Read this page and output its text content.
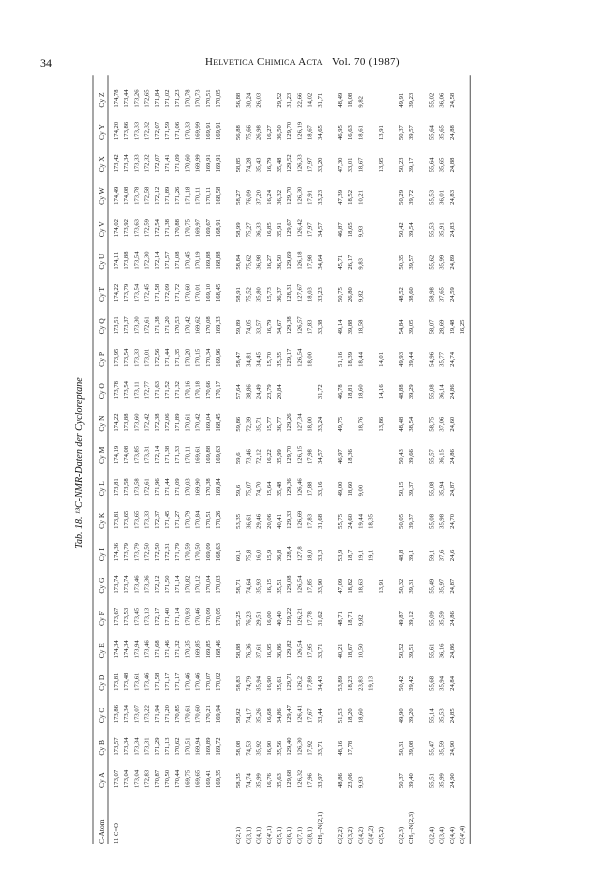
34	Helvetica Chimica Acta Vol. 70 (1987)
Tab. 18. ¹³C-NMR-Daten der Cycloreptane
C-Atom
Cy A
Cy B
Cy C
Cy D
Cy E
Cy F
Cy G
Cy I
Cy K
Cy L
Cy M
Cy N
Cy O
Cy P
Cy Q
Cy T
Cy U
Cy V
Cy W
Cy X
Cy Y
Cy Z
11 C=O
173,07
173,57
173,86
173,81
174,34
173,67
173,74
174,36
173,81
173,81
174,19
174,22
173,78
173,95
173,51
174,22
174,11
174,02
174,49
173,42
174,20
174,78
173,04
173,34
173,34
173,48
174,34
173,53
173,74
173,79
173,65
173,58
174,08
173,88
173,54
173,54
173,37
173,79
173,88
173,92
174,08
173,34
173,86
173,44
173,04
173,34
173,07
173,61
173,94
173,45
173,46
173,79
173,65
173,58
173,85
173,60
173,11
173,33
173,30
173,54
173,54
173,63
173,78
173,33
173,33
173,26
172,83
173,31
173,22
173,46
173,46
173,13
173,36
172,50
173,33
172,61
173,31
172,42
172,77
173,01
172,61
172,45
172,30
172,59
172,58
172,32
172,32
172,65
170,87
171,29
171,94
171,58
171,68
172,17
172,12
172,50
172,37
171,96
172,14
172,38
171,63
172,56
171,38
171,58
172,14
172,54
172,12
172,07
172,07
171,84
170,50
171,13
171,20
171,17
171,46
171,40
171,50
172,31
171,45
171,44
171,38
172,06
171,52
171,44
171,20
172,09
171,57
171,38
171,89
171,41
171,59
171,02
170,44
170,62
170,85
171,17
171,32
171,14
171,14
171,79
171,27
171,09
171,33
171,89
171,32
171,35
170,53
171,72
171,08
170,88
171,26
171,09
171,06
171,23
169,75
170,51
170,61
170,46
170,35
170,93
170,82
170,59
170,79
170,03
170,11
170,61
170,16
170,20
170,42
170,60
170,45
170,75
171,18
170,60
170,33
170,78
169,65
169,94
170,60
170,46
169,85
170,46
170,12
170,50
170,84
169,90
169,61
170,42
170,18
170,15
169,62
170,01
170,19
169,97
170,11
169,99
169,99
170,73
169,41
169,89
170,21
170,07
169,85
170,09
170,04
169,09
170,51
170,38
169,88
169,04
170,66
170,34
170,08
169,10
169,88
169,67
170,11
169,91
169,91
170,51
169,35
169,72
169,94
170,02
168,46
170,05
170,03
168,63
170,26
169,84
169,63
168,45
170,17
169,96
169,33
168,45
168,88
168,91
168,58
169,91
169,91
170,05
C(2,1)
58,35
58,08
58,92
58,83
58,88
55,25
58,71
60,1
53,35
59,6
59,6
59,86
57,64
58,47
59,89
58,91
58,84
58,99
58,27
58,85
56,88
56,88
C(3,1)
74,74
74,53
74,17
74,79
76,36
76,23
74,64
75,8
36,61
75,07
73,46
72,39
38,86
34,81
74,05
75,52
75,62
75,27
76,09
74,28
75,66
30,24
C(4,1)
35,99
35,92
35,26
35,94
37,61
29,51
35,93
16,0
29,46
74,70
72,12
35,71
24,49
34,45
33,57
35,80
36,98
36,33
37,20
35,43
26,98
26,03
C(4',1)
16,76
16,90
16,68
16,90
16,95
16,00
16,15
15,9
20,06
15,64
16,22
15,77
23,79
15,70
16,79
15,73
16,27
16,85
16,24
16,79
16,27
C(5,1)
35,63
35,56
34,86
35,61
36,86
40,40
35,51
36,8
40,41
35,48
35,99
36,77
20,84
35,35
34,67
36,37
36,50
35,91
36,32
35,48
36,50
29,52
C(6,1)
129,68
129,40
129,47
129,71
129,82
129,22
129,08
128,4
129,33
129,36
129,70
129,26
129,17
129,38
128,31
129,69
129,67
129,70
129,52
129,70
31,23
C(7,1)
126,32
126,30
126,41
126,2
126,54
126,21
126,54
127,8
126,69
126,46
126,15
127,34
126,54
126,57
127,67
126,18
126,42
126,30
126,33
126,19
22,66
C(8,1)
17,96
17,92
17,67
17,89
17,95
17,78
17,85
18,0
17,83
17,88
17,98
18,00
18,00
17,83
18,03
17,98
17,97
17,91
17,97
18,67
14,02
CH₃–N(2,1)
33,97
33,71
33,44
34,43
33,71
31,62
33,90
33,3
31,68
33,16
34,57
33,24
31,72
33,38
33,23
34,64
34,57
33,23
33,20
34,65
31,71
C(2,2)
48,86
48,16
51,53
53,89
40,21
48,71
47,09
53,9
55,75
49,00
46,97
49,75
46,78
51,16
49,14
50,75
45,71
46,87
47,39
47,30
46,95
48,49
C(3,2)
23,06
17,78
18,20
18,23
18,67
18,71
18,82
18,7
24,60
18,60
18,36
18,81
18,39
39,88
26,80
26,17
18,65
18,52
33,01
16,63
18,08
C(4,2)
9,93
18,60
23,83
10,50
9,82
18,63
19,1
19,44
9,00
18,76
18,60
18,44
18,58
9,82
9,83
9,93
10,21
18,67
18,61
9,82
C(4',2)
19,13
19,1
18,35
C(5,2)
13,91
13,86
14,16
14,01
13,95
13,91
C(2,3)
50,37
50,31
49,90
50,42
50,52
49,87
50,32
48,8
50,05
50,15
50,43
48,48
48,88
49,93
54,84
48,52
50,35
50,42
50,29
50,23
50,37
49,91
CH₃–N(2,3)
39,40
39,08
39,20
39,42
39,51
39,12
39,31
39,1
39,37
39,37
39,66
38,54
39,29
39,44
39,05
38,60
39,57
39,54
39,72
39,17
39,57
39,23
C(2,4)
55,51
55,47
55,14
55,68
55,61
55,09
55,49
59,1
55,08
55,08
55,57
58,75
55,08
54,96
58,07
58,98
55,62
55,53
55,53
55,64
55,64
55,02
C(3,4)
35,99
35,59
35,53
35,94
36,16
35,59
35,97
37,6
35,98
35,94
36,15
37,06
36,14
35,77
28,69
37,65
35,99
35,91
36,01
35,65
35,65
36,06
C(4,4)
24,90
24,90
24,85
24,84
24,86
24,86
24,87
24,6
24,70
24,87
24,86
24,60
24,86
24,74
19,48
24,59
24,89
24,83
24,83
24,88
24,88
24,58
C(4',4)
16,25
